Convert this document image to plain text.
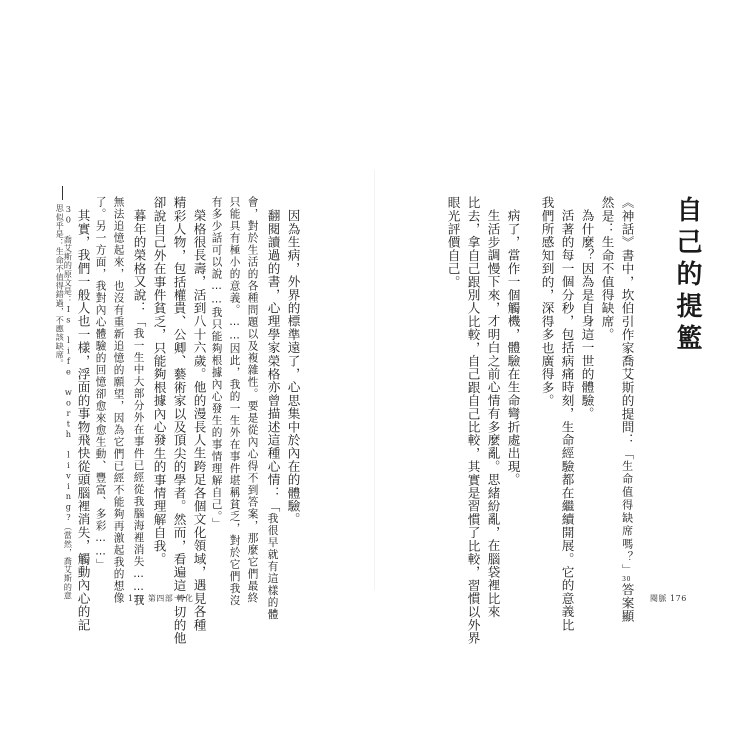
自己的提籃
《神話》書中，坎伯引作家喬艾斯的提問：「生命值得缺席嗎？」30答案顯
然是：生命不值得缺席。
為什麼？因為是自身這一世的體驗。
活著的每一個分秒，包括病痛時刻，生命經驗都在繼續開展。它的意義比
我們所感知到的，深得多也廣得多。
病了，當作一個觸機，體驗在生命彎折處出現。
生活步調慢下來，才明白之前心情有多麼亂。思緒紛亂，在腦袋裡比來
比去，拿自己跟別人比較，自己跟自己比較，其實是習慣了比較，習慣以外界
眼光評價自己。
閱脈 176
因為生病，外界的標準遠了，心思集中於內在的體驗。
翻閱讀過的書，心理學家榮格亦曾描述這種心情：「我很早就有這樣的體
會，對於生活的各種問題以及複雜性。要是從內心得不到答案，那麼它們最終
只能具有極小的意義。……因此，我的一生外在事件堪稱貧乏，對於它們我沒
有多少話可以說……我只能夠根據內心發生的事情理解自己。」
榮格很長壽，活到八十六歲。他的漫長人生跨足各個文化領域，遇見各種
精彩人物，包括權貴、公卿、藝術家以及頂尖的學者。然而，看遍這一切的他
卻說自己外在事件貧乏，只能夠根據內心發生的事情理解自我。
暮年的榮格又說：「我一生中大部分外在事件已經從我腦海裡消失……我
無法追憶起來，也沒有重新追憶的願望，因為它們已經不能夠再激起我的想像
了。另一方面，我對內心體驗的回憶卻愈來愈生動、豐富、多彩……」
其實，我們一般人也一樣，浮面的事物飛快從頭腦裡消失，觸動內心的記
30 喬艾斯的原文是：Is life worth living?（當然，喬艾斯的意思似乎是：生命不值得錯過，不應該缺席。
177 第四部 轉化
